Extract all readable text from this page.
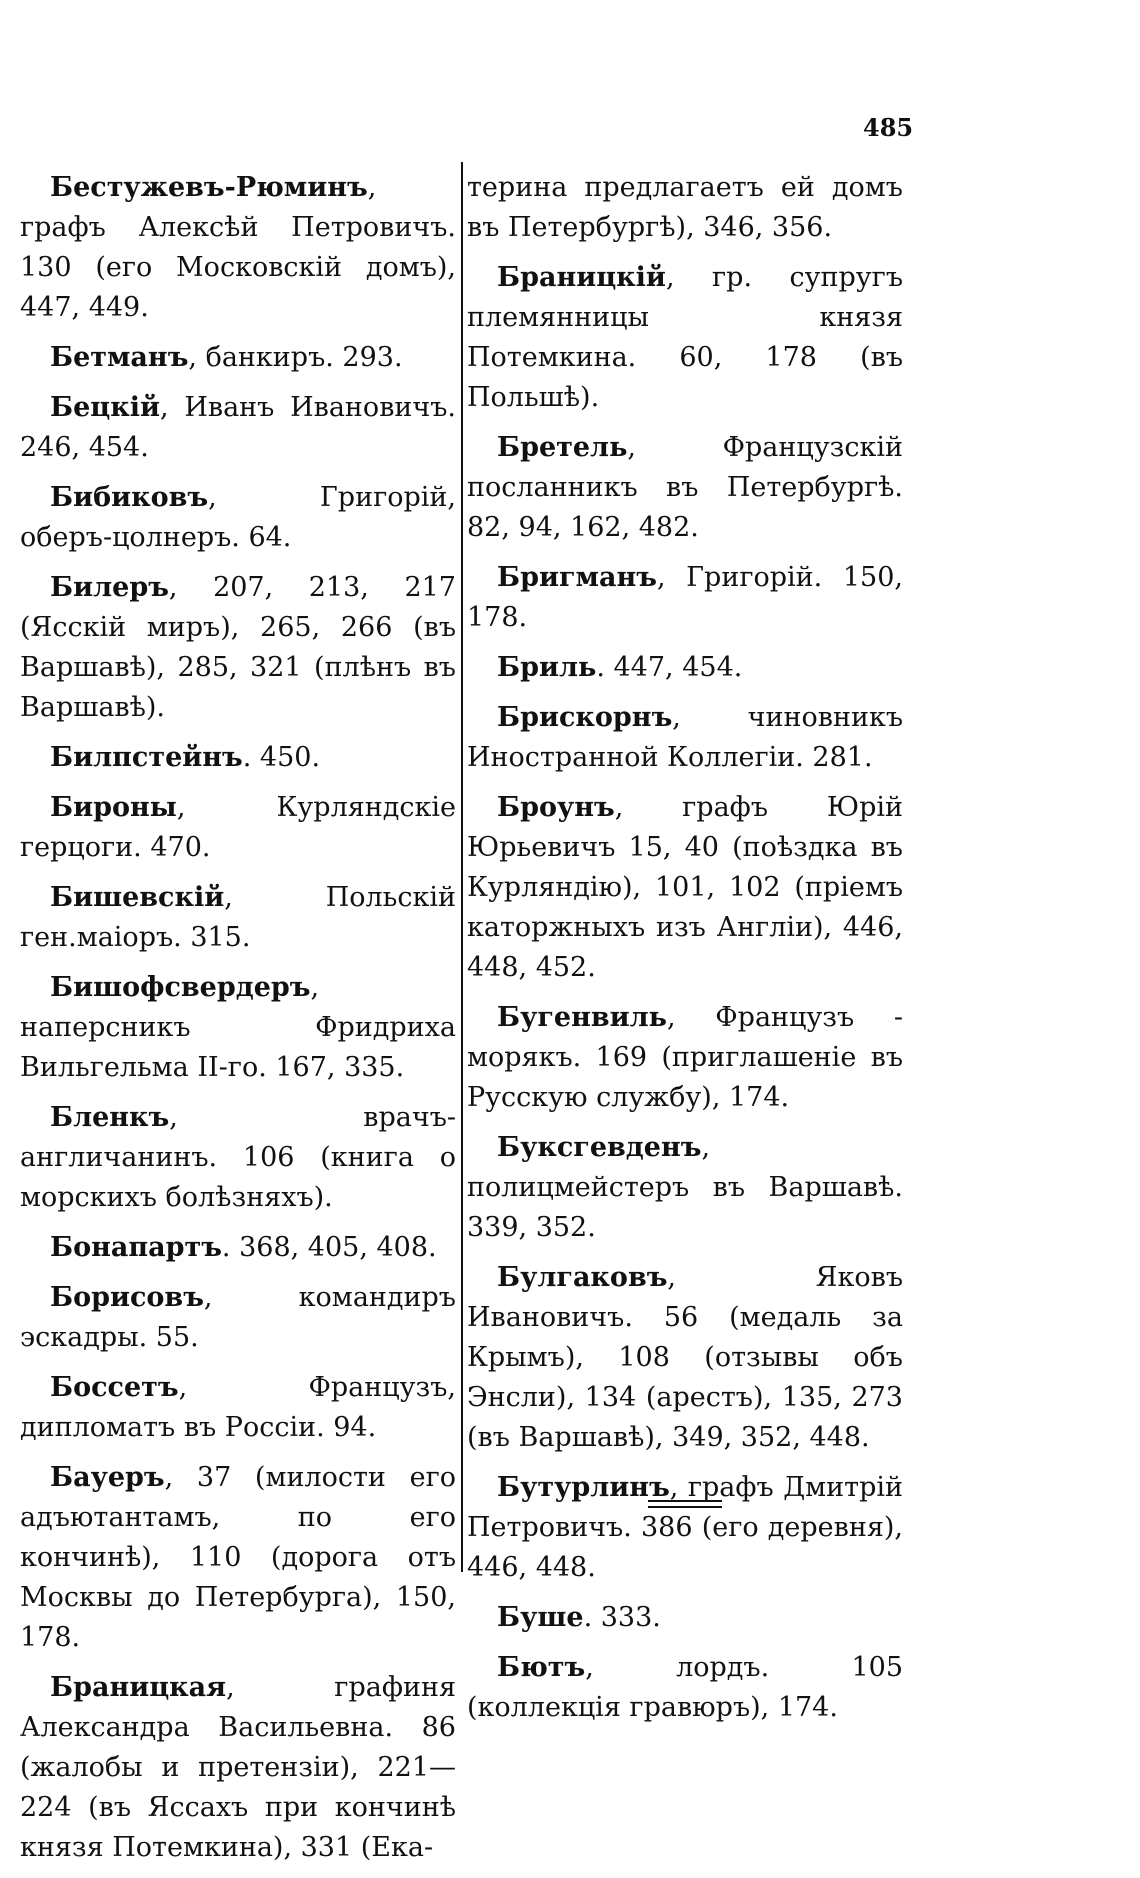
485

Бестужевъ-Рюминъ, графъ Алексѣй Петровичъ. 130 (его Московскій домъ), 447, 449.

Бетманъ, банкиръ. 293.

Бецкій, Иванъ Ивановичъ. 246, 454.

Бибиковъ, Григорій, оберъ-цолнеръ. 64.

Билеръ, 207, 213, 217 (Ясскій миръ), 265, 266 (въ Варшавѣ), 285, 321 (плѣнъ въ Варшавѣ).

Билпстейнъ. 450.

Бироны, Курляндскіе герцоги. 470.

Бишевскій, Польскій ген.маіоръ. 315.

Бишофсвердеръ, наперсникъ Фридриха Вильгельма II-го. 167, 335.

Бленкъ, врачъ-англичанинъ. 106 (книга о морскихъ болѣзняхъ).

Бонапартъ. 368, 405, 408.

Борисовъ, командиръ эскадры. 55.

Боссетъ, Французъ, дипломатъ въ Россіи. 94.

Бауеръ, 37 (милости его адъютантамъ, по его кончинѣ), 110 (дорога отъ Москвы до Петербурга), 150, 178.

Браницкая, графиня Александра Васильевна. 86 (жалобы и претензіи), 221—224 (въ Яссахъ при кончинѣ князя Потемкина), 331 (Ека-

терина предлагаетъ ей домъ въ Петербургѣ), 346, 356.

Браницкій, гр. супругъ племянницы князя Потемкина. 60, 178 (въ Польшѣ).

Бретель, Французскій посланникъ въ Петербургѣ. 82, 94, 162, 482.

Бригманъ, Григорій. 150, 178.

Бриль. 447, 454.

Брискорнъ, чиновникъ Иностранной Коллегіи. 281.

Броунъ, графъ Юрій Юрьевичъ 15, 40 (поѣздка въ Курляндію), 101, 102 (пріемъ каторжныхъ изъ Англіи), 446, 448, 452.

Бугенвиль, Французъ - морякъ. 169 (приглашеніе въ Русскую службу), 174.

Буксгевденъ, полицмейстеръ въ Варшавѣ. 339, 352.

Булгаковъ, Яковъ Ивановичъ. 56 (медаль за Крымъ), 108 (отзывы объ Энсли), 134 (арестъ), 135, 273 (въ Варшавѣ), 349, 352, 448.

Бутурлинъ, графъ Дмитрій Петровичъ. 386 (его деревня), 446, 448.

Буше. 333.

Бютъ, лордъ. 105 (коллекція гравюръ), 174.
